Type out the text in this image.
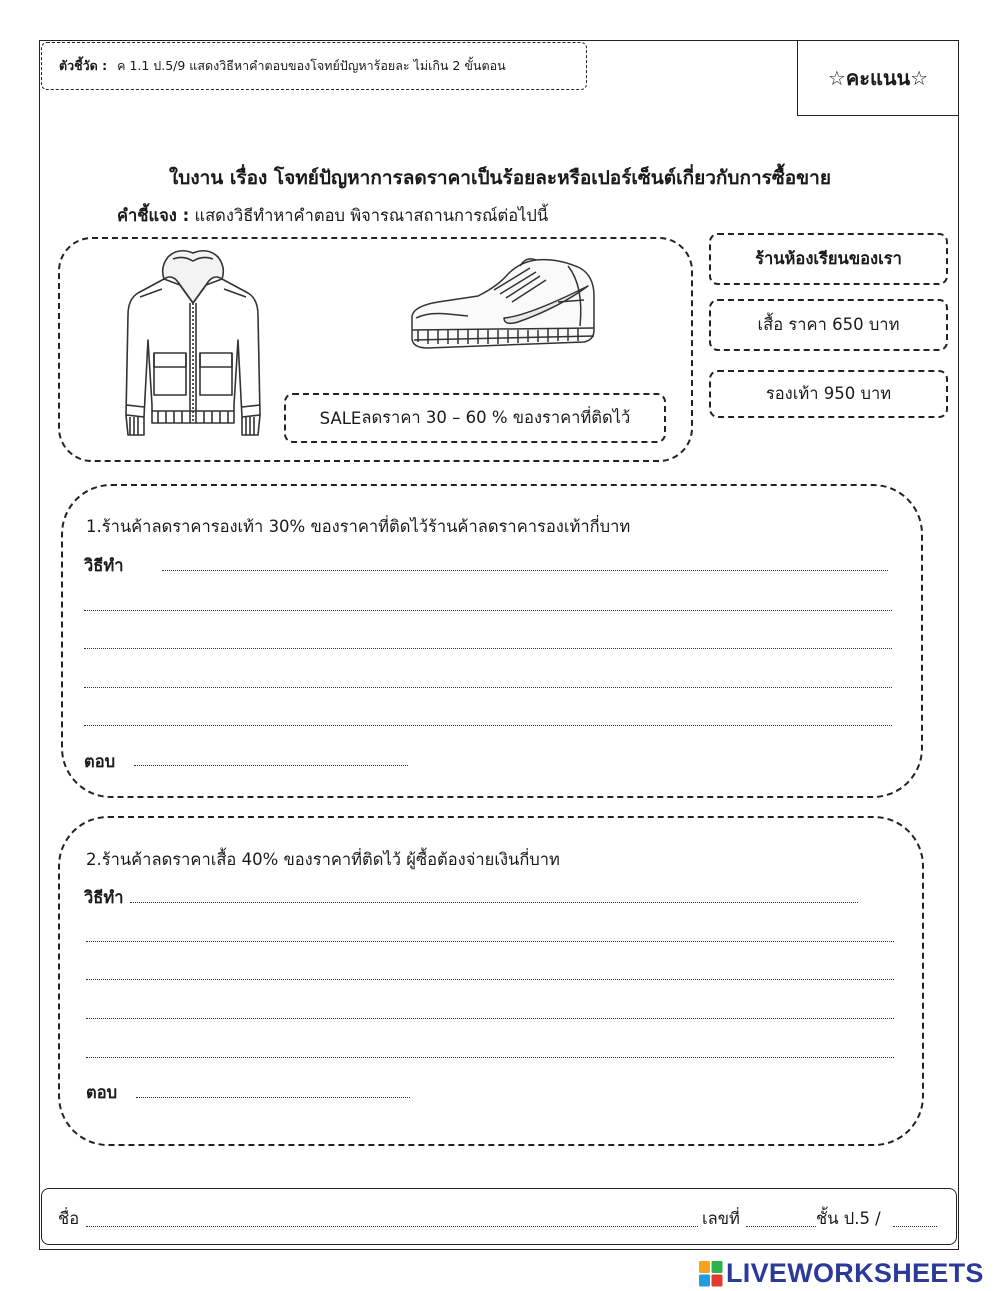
ตัวชี้วัด : ค 1.1 ป.5/9 แสดงวิธีหาคำตอบของโจทย์ปัญหาร้อยละ ไม่เกิน 2 ขั้นตอน
☆คะแนน☆
ใบงาน เรื่อง โจทย์ปัญหาการลดราคาเป็นร้อยละหรือเปอร์เซ็นต์เกี่ยวกับการซื้อขาย
คำชี้แจง : แสดงวิธีทำหาคำตอบ พิจารณาสถานการณ์ต่อไปนี้
SALE ลดราคา 30 – 60 % ของราคาที่ติดไว้
ร้านห้องเรียนของเรา
เสื้อ ราคา 650 บาท
รองเท้า 950 บาท
1.ร้านค้าลดราคารองเท้า 30% ของราคาที่ติดไว้ร้านค้าลดราคารองเท้ากี่บาท
วิธีทำ
ตอบ
2.ร้านค้าลดราคาเสื้อ 40% ของราคาที่ติดไว้ ผู้ซื้อต้องจ่ายเงินกี่บาท
วิธีทำ
ตอบ
ชื่อ	เลขที่	ชั้น ป.5 /
LIVEWORKSHEETS
